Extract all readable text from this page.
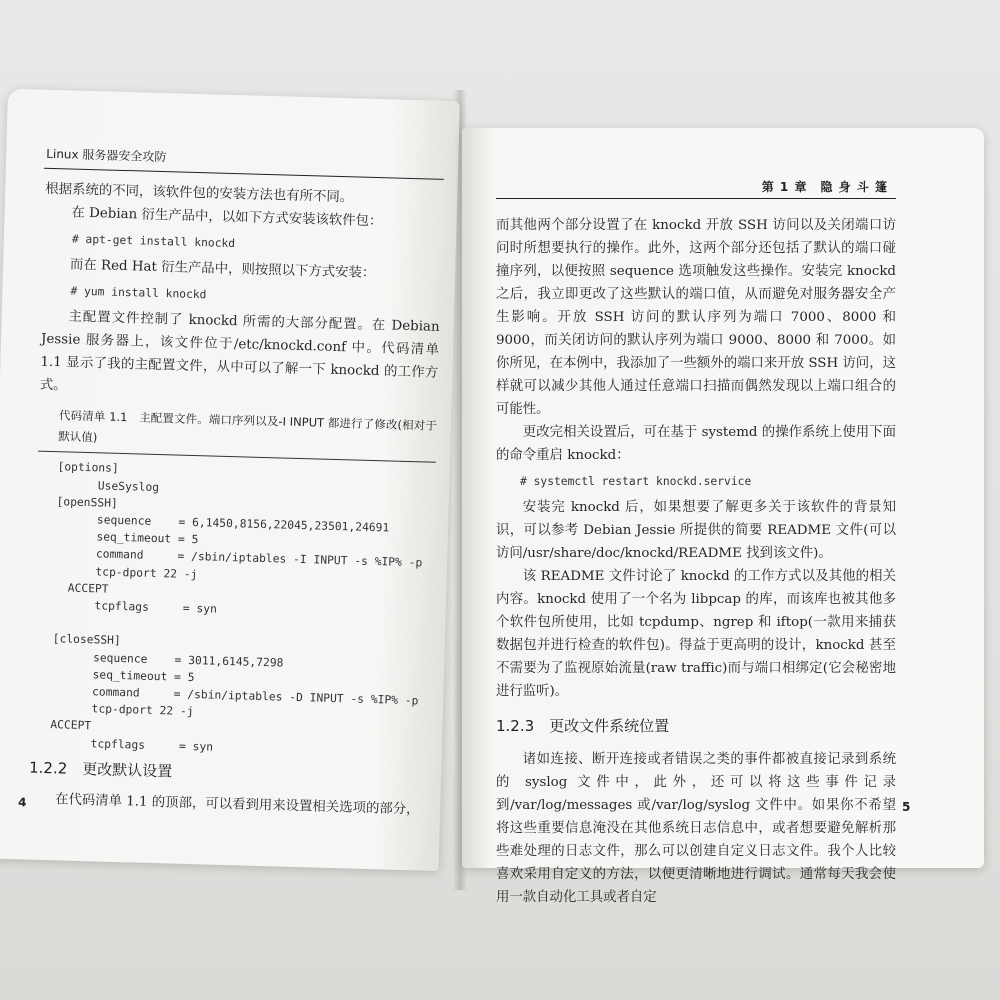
Linux 服务器安全攻防

根据系统的不同，该软件包的安装方法也有所不同。

在 Debian 衍生产品中，以如下方式安装该软件包：

# apt-get install knockd

而在 Red Hat 衍生产品中，则按照以下方式安装：

# yum install knockd

主配置文件控制了 knockd 所需的大部分配置。在 Debian Jessie 服务器上，该文件位于/etc/knockd.conf 中。代码清单 1.1 显示了我的主配置文件，从中可以了解一下 knockd 的工作方式。

代码清单 1.1　主配置文件。端口序列以及-I INPUT 都进行了修改(相对于默认值)

[options]
UseSyslog
[openSSH]
sequence    = 6,1450,8156,22045,23501,24691
seq_timeout = 5
command     = /sbin/iptables -I INPUT -s %IP% -p
tcp-dport 22 -j
ACCEPT
tcpflags     = syn

[closeSSH]
sequence    = 3011,6145,7298
seq_timeout = 5
command     = /sbin/iptables -D INPUT -s %IP% -p
tcp-dport 22 -j
ACCEPT
tcpflags     = syn

1.2.2　更改默认设置

在代码清单 1.1 的顶部，可以看到用来设置相关选项的部分，

4
第 1 章　隐 身 斗 篷

而其他两个部分设置了在 knockd 开放 SSH 访问以及关闭端口访问时所想要执行的操作。此外，这两个部分还包括了默认的端口碰撞序列，以便按照 sequence 选项触发这些操作。安装完 knockd 之后，我立即更改了这些默认的端口值，从而避免对服务器安全产生影响。开放 SSH 访问的默认序列为端口 7000、8000 和 9000，而关闭访问的默认序列为端口 9000、8000 和 7000。如你所见，在本例中，我添加了一些额外的端口来开放 SSH 访问，这样就可以减少其他人通过任意端口扫描而偶然发现以上端口组合的可能性。

更改完相关设置后，可在基于 systemd 的操作系统上使用下面的命令重启 knockd：

# systemctl restart knockd.service

安装完 knockd 后，如果想要了解更多关于该软件的背景知识，可以参考 Debian Jessie 所提供的简要 README 文件(可以访问/usr/share/doc/knockd/README 找到该文件)。

该 README 文件讨论了 knockd 的工作方式以及其他的相关内容。knockd 使用了一个名为 libpcap 的库，而该库也被其他多个软件包所使用，比如 tcpdump、ngrep 和 iftop(一款用来捕获数据包并进行检查的软件包)。得益于更高明的设计，knockd 甚至不需要为了监视原始流量(raw traffic)而与端口相绑定(它会秘密地进行监听)。

1.2.3　更改文件系统位置

诸如连接、断开连接或者错误之类的事件都被直接记录到系统的 syslog 文件中，此外，还可以将这些事件记录到/var/log/messages 或/var/log/syslog 文件中。如果你不希望将这些重要信息淹没在其他系统日志信息中，或者想要避免解析那些难处理的日志文件，那么可以创建自定义日志文件。我个人比较喜欢采用自定义的方法，以便更清晰地进行调试。通常每天我会使用一款自动化工具或者自定

5
